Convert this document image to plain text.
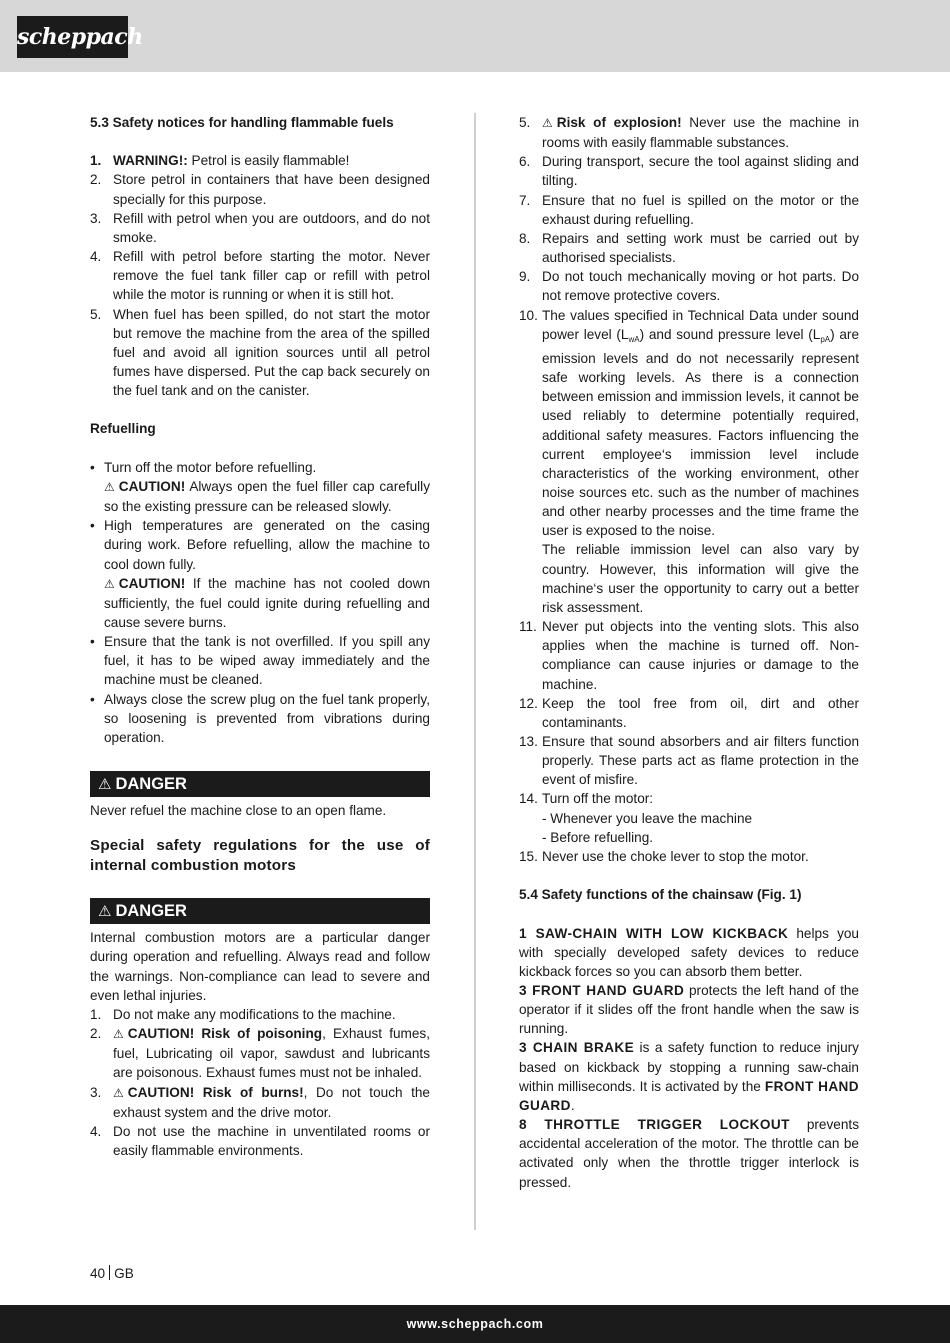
scheppach

5.3 Safety notices for handling flammable fuels

1. WARNING!: Petrol is easily flammable!
2. Store petrol in containers that have been designed specially for this purpose.
3. Refill with petrol when you are outdoors, and do not smoke.
4. Refill with petrol before starting the motor. Never remove the fuel tank filler cap or refill with petrol while the motor is running or when it is still hot.
5. When fuel has been spilled, do not start the motor but remove the machine from the area of the spilled fuel and avoid all ignition sources until all petrol fumes have dispersed. Put the cap back securely on the fuel tank and on the canister.

Refuelling

• Turn off the motor before refuelling.
⚠ CAUTION! Always open the fuel filler cap carefully so the existing pressure can be released slowly.
• High temperatures are generated on the casing during work. Before refuelling, allow the machine to cool down fully.
⚠ CAUTION! If the machine has not cooled down sufficiently, the fuel could ignite during refuelling and cause severe burns.
• Ensure that the tank is not overfilled. If you spill any fuel, it has to be wiped away immediately and the machine must be cleaned.
• Always close the screw plug on the fuel tank properly, so loosening is prevented from vibrations during operation.
⚠ DANGER

Never refuel the machine close to an open flame.

Special safety regulations for the use of internal combustion motors

⚠ DANGER

Internal combustion motors are a particular danger during operation and refuelling. Always read and follow the warnings. Non-compliance can lead to severe and even lethal injuries.

1. Do not make any modifications to the machine.
2. ⚠ CAUTION! Risk of poisoning, Exhaust fumes, fuel, Lubricating oil vapor, sawdust and lubricants are poisonous. Exhaust fumes must not be inhaled.
3. ⚠ CAUTION! Risk of burns!, Do not touch the exhaust system and the drive motor.
4. Do not use the machine in unventilated rooms or easily flammable environments.
5. ⚠ Risk of explosion! Never use the machine in rooms with easily flammable substances.
6. During transport, secure the tool against sliding and tilting.
7. Ensure that no fuel is spilled on the motor or the exhaust during refuelling.
8. Repairs and setting work must be carried out by authorised specialists.
9. Do not touch mechanically moving or hot parts. Do not remove protective covers.
10. The values specified in Technical Data under sound power level $(L_{wA})$ and sound pressure level $(L_{pA})$ are emission levels and do not necessarily represent safe working levels. As there is a connection between emission and immission levels, it cannot be used reliably to determine potentially required, additional safety measures. Factors influencing the current employee‘s immission level include characteristics of the working environment, other noise sources etc. such as the number of machines and other nearby processes and the time frame the user is exposed to the noise.
The reliable immission level can also vary by country. However, this information will give the machine‘s user the opportunity to carry out a better risk assessment.
11. Never put objects into the venting slots. This also applies when the machine is turned off. Non-compliance can cause injuries or damage to the machine.
12. Keep the tool free from oil, dirt and other contaminants.
13. Ensure that sound absorbers and air filters function properly. These parts act as flame protection in the event of misfire.
14. Turn off the motor:
- Whenever you leave the machine
- Before refuelling.
15. Never use the choke lever to stop the motor.

5.4 Safety functions of the chainsaw (Fig. 1)

1 SAW-CHAIN WITH LOW KICKBACK helps you with specially developed safety devices to reduce kickback forces so you can absorb them better.

3 FRONT HAND GUARD protects the left hand of the operator if it slides off the front handle when the saw is running.

3 CHAIN BRAKE is a safety function to reduce injury based on kickback by stopping a running saw-chain within milliseconds. It is activated by the FRONT HAND GUARD.

8 THROTTLE TRIGGER LOCKOUT prevents accidental acceleration of the motor. The throttle can be activated only when the throttle trigger interlock is pressed.

40 GB
www.scheppach.com
